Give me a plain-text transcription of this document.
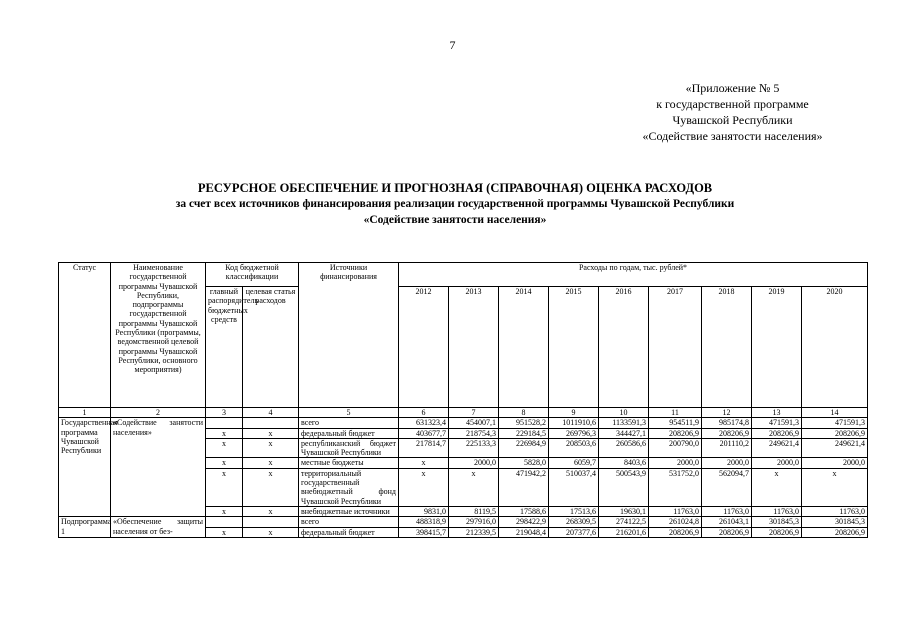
7
«Приложение № 5
к государственной программе
Чувашской Республики
«Содействие занятости населения»
РЕСУРСНОЕ ОБЕСПЕЧЕНИЕ И ПРОГНОЗНАЯ (СПРАВОЧНАЯ) ОЦЕНКА РАСХОДОВ
за счет всех источников финансирования реализации государственной программы Чувашской Республики
«Содействие занятости населения»
Статус	Наименование государственной программы Чувашской Республики, подпрограммы государственной программы Чувашской Республики (программы, ведомственной целевой программы Чувашской Республики, основного мероприятия)	Код бюджетной классификации		Источники финансирования	Расходы по годам, тыс. рублей*								
		главный распорядитель бюджетных средств	целевая статья расходов		2012	2013	2014	2015	2016	2017	2018	2019	2020
1	2	3	4	5	6	7	8	9	10	11	12	13	14
Государственная программа Чувашской Республики	«Содействие занятости населения»			всего	631323,4	454007,1	951528,2	1011910,6	1133591,3	954511,9	985174,8	471591,3	471591,3
		x	x	федеральный бюджет	403677,7	218754,3	229184,5	269796,3	344427,1	208206,9	208206,9	208206,9	208206,9
		x	x	республиканский бюджет Чувашской Республики	217814,7	225133,3	226984,9	208503,6	260586,6	200790,0	201110,2	249621,4	249621,4
		x	x	местные бюджеты	x	2000,0	5828,0	6059,7	8403,6	2000,0	2000,0	2000,0	2000,0
		x	x	территориальный государственный внебюджетный фонд Чувашской Республики	x	x	471942,2	510037,4	500543,9	531752,0	562094,7	x	x
		x	x	внебюджетные источники	9831,0	8119,5	17588,6	17513,6	19630,1	11763,0	11763,0	11763,0	11763,0
Подпрограмма 1	«Обеспечение защиты населения от без-			всего	488318,9	297916,0	298422,9	268309,5	274122,5	261024,8	261043,1	301845,3	301845,3
		x	x	федеральный бюджет	398415,7	212339,5	219048,4	207377,6	216201,6	208206,9	208206,9	208206,9	208206,9
